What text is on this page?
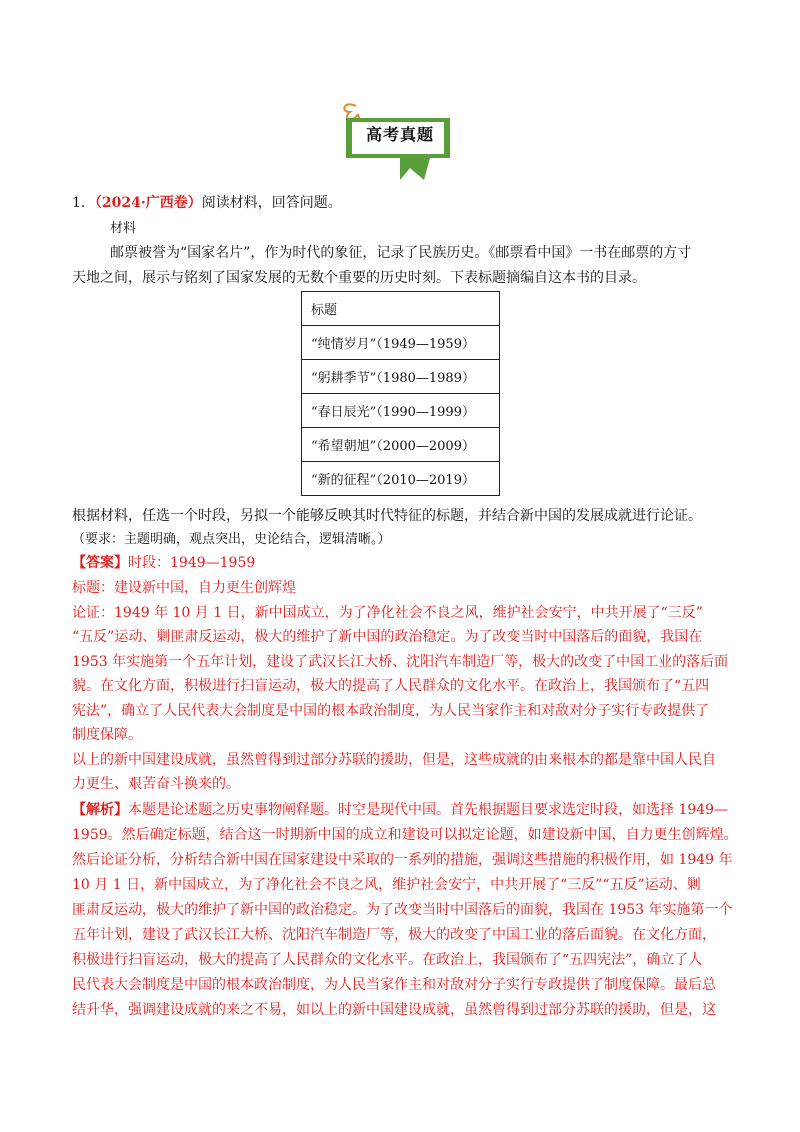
高考真题
1．（2024·广西卷）阅读材料，回答问题。
材料
邮票被誉为“国家名片”，作为时代的象征，记录了民族历史。《邮票看中国》一书在邮票的方寸
天地之间，展示与铭刻了国家发展的无数个重要的历史时刻。下表标题摘编自这本书的目录。
标题
“纯情岁月”（1949—1959）
“躬耕季节”（1980—1989）
“春日辰光”（1990—1999）
“希望朝旭”（2000—2009）
“新的征程”（2010—2019）
根据材料，任选一个时段，另拟一个能够反映其时代特征的标题，并结合新中国的发展成就进行论证。
（要求：主题明确，观点突出，史论结合，逻辑清晰。）
【答案】时段：1949—1959
标题：建设新中国，自力更生创辉煌
论证：1949 年 10 月 1 日，新中国成立，为了净化社会不良之风，维护社会安宁，中共开展了“三反”
“五反”运动、剿匪肃反运动，极大的维护了新中国的政治稳定。为了改变当时中国落后的面貌，我国在
1953 年实施第一个五年计划，建设了武汉长江大桥、沈阳汽车制造厂等，极大的改变了中国工业的落后面
貌。在文化方面，积极进行扫盲运动，极大的提高了人民群众的文化水平。在政治上，我国颁布了“五四
宪法”，确立了人民代表大会制度是中国的根本政治制度，为人民当家作主和对敌对分子实行专政提供了
制度保障。
以上的新中国建设成就，虽然曾得到过部分苏联的援助，但是，这些成就的由来根本的都是靠中国人民自
力更生、艰苦奋斗换来的。
【解析】本题是论述题之历史事物阐释题。时空是现代中国。首先根据题目要求选定时段，如选择 1949—
1959。然后确定标题，结合这一时期新中国的成立和建设可以拟定论题，如建设新中国，自力更生创辉煌。
然后论证分析，分析结合新中国在国家建设中采取的一系列的措施，强调这些措施的积极作用，如 1949 年
10 月 1 日，新中国成立，为了净化社会不良之风，维护社会安宁，中共开展了“三反”“五反”运动、剿
匪肃反运动，极大的维护了新中国的政治稳定。为了改变当时中国落后的面貌，我国在 1953 年实施第一个
五年计划，建设了武汉长江大桥、沈阳汽车制造厂等，极大的改变了中国工业的落后面貌。在文化方面，
积极进行扫盲运动，极大的提高了人民群众的文化水平。在政治上，我国颁布了“五四宪法”，确立了人
民代表大会制度是中国的根本政治制度，为人民当家作主和对敌对分子实行专政提供了制度保障。最后总
结升华，强调建设成就的来之不易，如以上的新中国建设成就，虽然曾得到过部分苏联的援助，但是，这
